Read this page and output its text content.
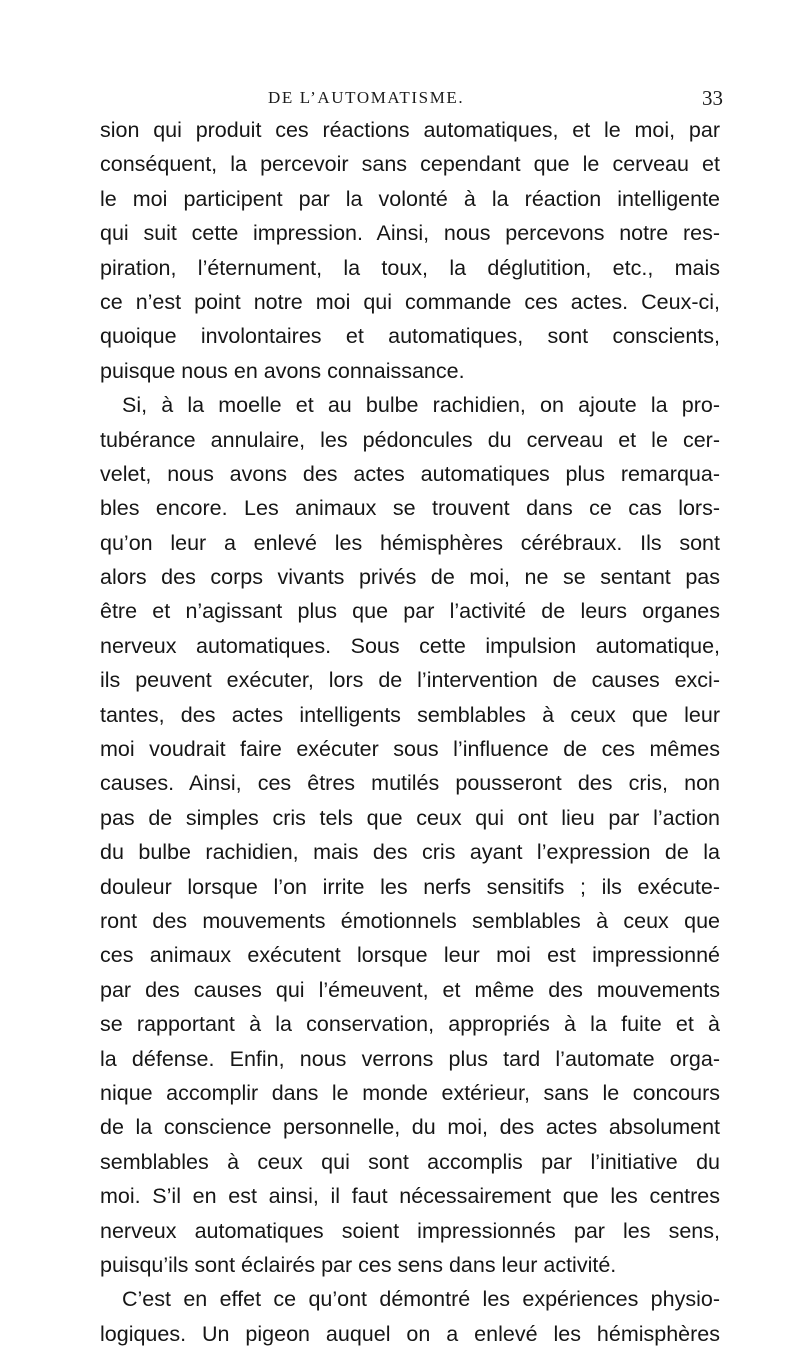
DE L’AUTOMATISME.	33
sion qui produit ces réactions automatiques, et le moi, par
conséquent, la percevoir sans cependant que le cerveau et
le moi participent par la volonté à la réaction intelligente
qui suit cette impression. Ainsi, nous percevons notre res-
piration, l’éternument, la toux, la déglutition, etc., mais
ce n’est point notre moi qui commande ces actes. Ceux-ci,
quoique involontaires et automatiques, sont conscients,
puisque nous en avons connaissance.
Si, à la moelle et au bulbe rachidien, on ajoute la pro-
tubérance annulaire, les pédoncules du cerveau et le cer-
velet, nous avons des actes automatiques plus remarqua-
bles encore. Les animaux se trouvent dans ce cas lors-
qu’on leur a enlevé les hémisphères cérébraux. Ils sont
alors des corps vivants privés de moi, ne se sentant pas
être et n’agissant plus que par l’activité de leurs organes
nerveux automatiques. Sous cette impulsion automatique,
ils peuvent exécuter, lors de l’intervention de causes exci-
tantes, des actes intelligents semblables à ceux que leur
moi voudrait faire exécuter sous l’influence de ces mêmes
causes. Ainsi, ces êtres mutilés pousseront des cris, non
pas de simples cris tels que ceux qui ont lieu par l’action
du bulbe rachidien, mais des cris ayant l’expression de la
douleur lorsque l’on irrite les nerfs sensitifs ; ils exécute-
ront des mouvements émotionnels semblables à ceux que
ces animaux exécutent lorsque leur moi est impressionné
par des causes qui l’émeuvent, et même des mouvements
se rapportant à la conservation, appropriés à la fuite et à
la défense. Enfin, nous verrons plus tard l’automate orga-
nique accomplir dans le monde extérieur, sans le concours
de la conscience personnelle, du moi, des actes absolument
semblables à ceux qui sont accomplis par l’initiative du
moi. S’il en est ainsi, il faut nécessairement que les centres
nerveux automatiques soient impressionnés par les sens,
puisqu’ils sont éclairés par ces sens dans leur activité.
C’est en effet ce qu’ont démontré les expériences physio-
logiques. Un pigeon auquel on a enlevé les hémisphères
